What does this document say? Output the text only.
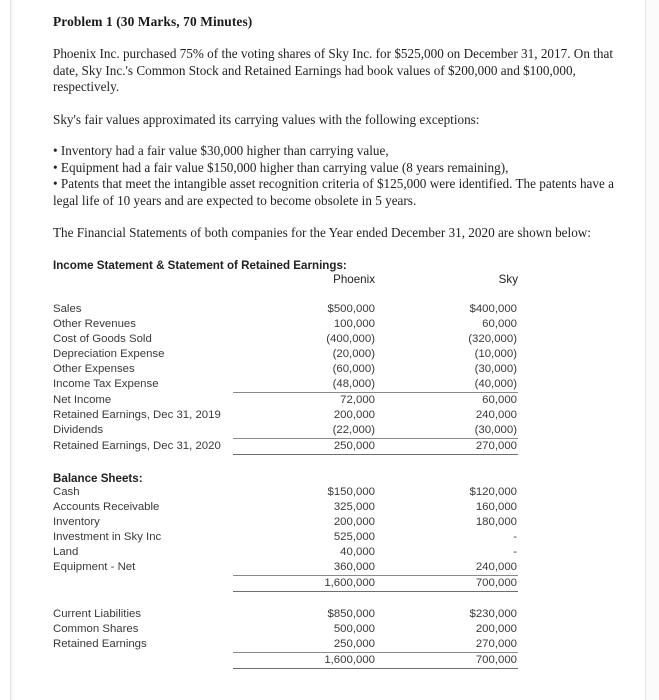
Problem 1 (30 Marks, 70 Minutes)
Phoenix Inc. purchased 75% of the voting shares of Sky Inc. for $525,000 on December 31, 2017. On that date, Sky Inc.'s Common Stock and Retained Earnings had book values of $200,000 and $100,000, respectively.
Sky's fair values approximated its carrying values with the following exceptions:
• Inventory had a fair value $30,000 higher than carrying value,
• Equipment had a fair value $150,000 higher than carrying value (8 years remaining),
• Patents that meet the intangible asset recognition criteria of $125,000 were identified. The patents have a legal life of 10 years and are expected to become obsolete in 5 years.
The Financial Statements of both companies for the Year ended December 31, 2020 are shown below:
Income Statement & Statement of Retained Earnings:
	Phoenix	Sky

Sales	$500,000	$400,000
Other Revenues	100,000	60,000
Cost of Goods Sold	(400,000)	(320,000)
Depreciation Expense	(20,000)	(10,000)
Other Expenses	(60,000)	(30,000)
Income Tax Expense	(48,000)	(40,000)
Net Income	72,000	60,000
Retained Earnings, Dec 31, 2019	200,000	240,000
Dividends	(22,000)	(30,000)
Retained Earnings, Dec 31, 2020	250,000	270,000
Balance Sheets:
Cash	$150,000	$120,000
Accounts Receivable	325,000	160,000
Inventory	200,000	180,000
Investment in Sky Inc	525,000	-
Land	40,000	-
Equipment - Net	360,000	240,000
	1,600,000	700,000

Current Liabilities	$850,000	$230,000
Common Shares	500,000	200,000
Retained Earnings	250,000	270,000
	1,600,000	700,000
